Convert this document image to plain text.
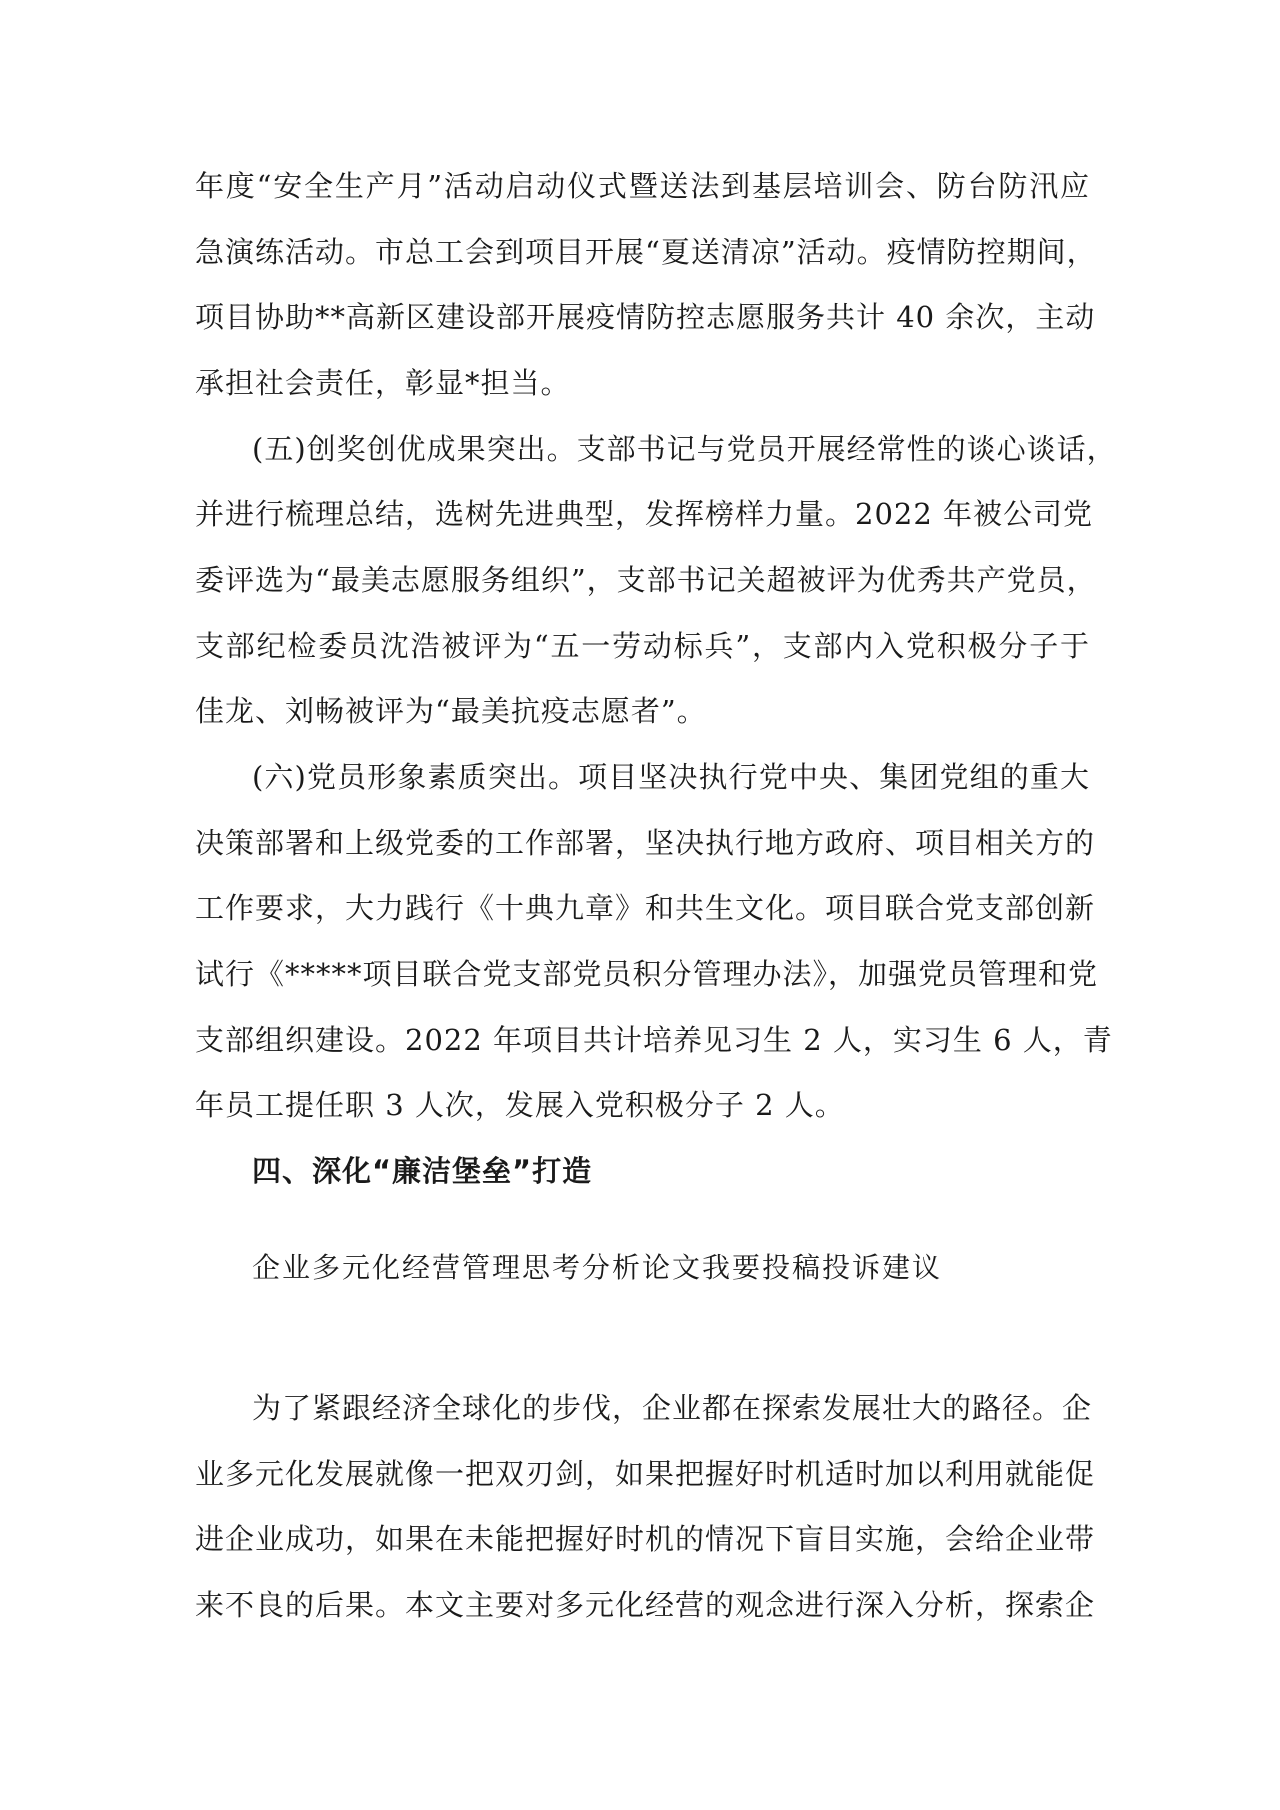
年度“安全生产月”活动启动仪式暨送法到基层培训会、防台防汛应
急演练活动。市总工会到项目开展“夏送清凉”活动。疫情防控期间，
项目协助**高新区建设部开展疫情防控志愿服务共计 40 余次，主动
承担社会责任，彰显*担当。
(五)创奖创优成果突出。支部书记与党员开展经常性的谈心谈话，
并进行梳理总结，选树先进典型，发挥榜样力量。2022 年被公司党
委评选为“最美志愿服务组织”，支部书记关超被评为优秀共产党员，
支部纪检委员沈浩被评为“五一劳动标兵”，支部内入党积极分子于
佳龙、刘畅被评为“最美抗疫志愿者”。
(六)党员形象素质突出。项目坚决执行党中央、集团党组的重大
决策部署和上级党委的工作部署，坚决执行地方政府、项目相关方的
工作要求，大力践行《十典九章》和共生文化。项目联合党支部创新
试行《*****项目联合党支部党员积分管理办法》，加强党员管理和党
支部组织建设。2022 年项目共计培养见习生 2 人，实习生 6 人，青
年员工提任职 3 人次，发展入党积极分子 2 人。
四、深化“廉洁堡垒”打造
企业多元化经营管理思考分析论文我要投稿投诉建议
为了紧跟经济全球化的步伐，企业都在探索发展壮大的路径。企
业多元化发展就像一把双刃剑，如果把握好时机适时加以利用就能促
进企业成功，如果在未能把握好时机的情况下盲目实施，会给企业带
来不良的后果。本文主要对多元化经营的观念进行深入分析，探索企
